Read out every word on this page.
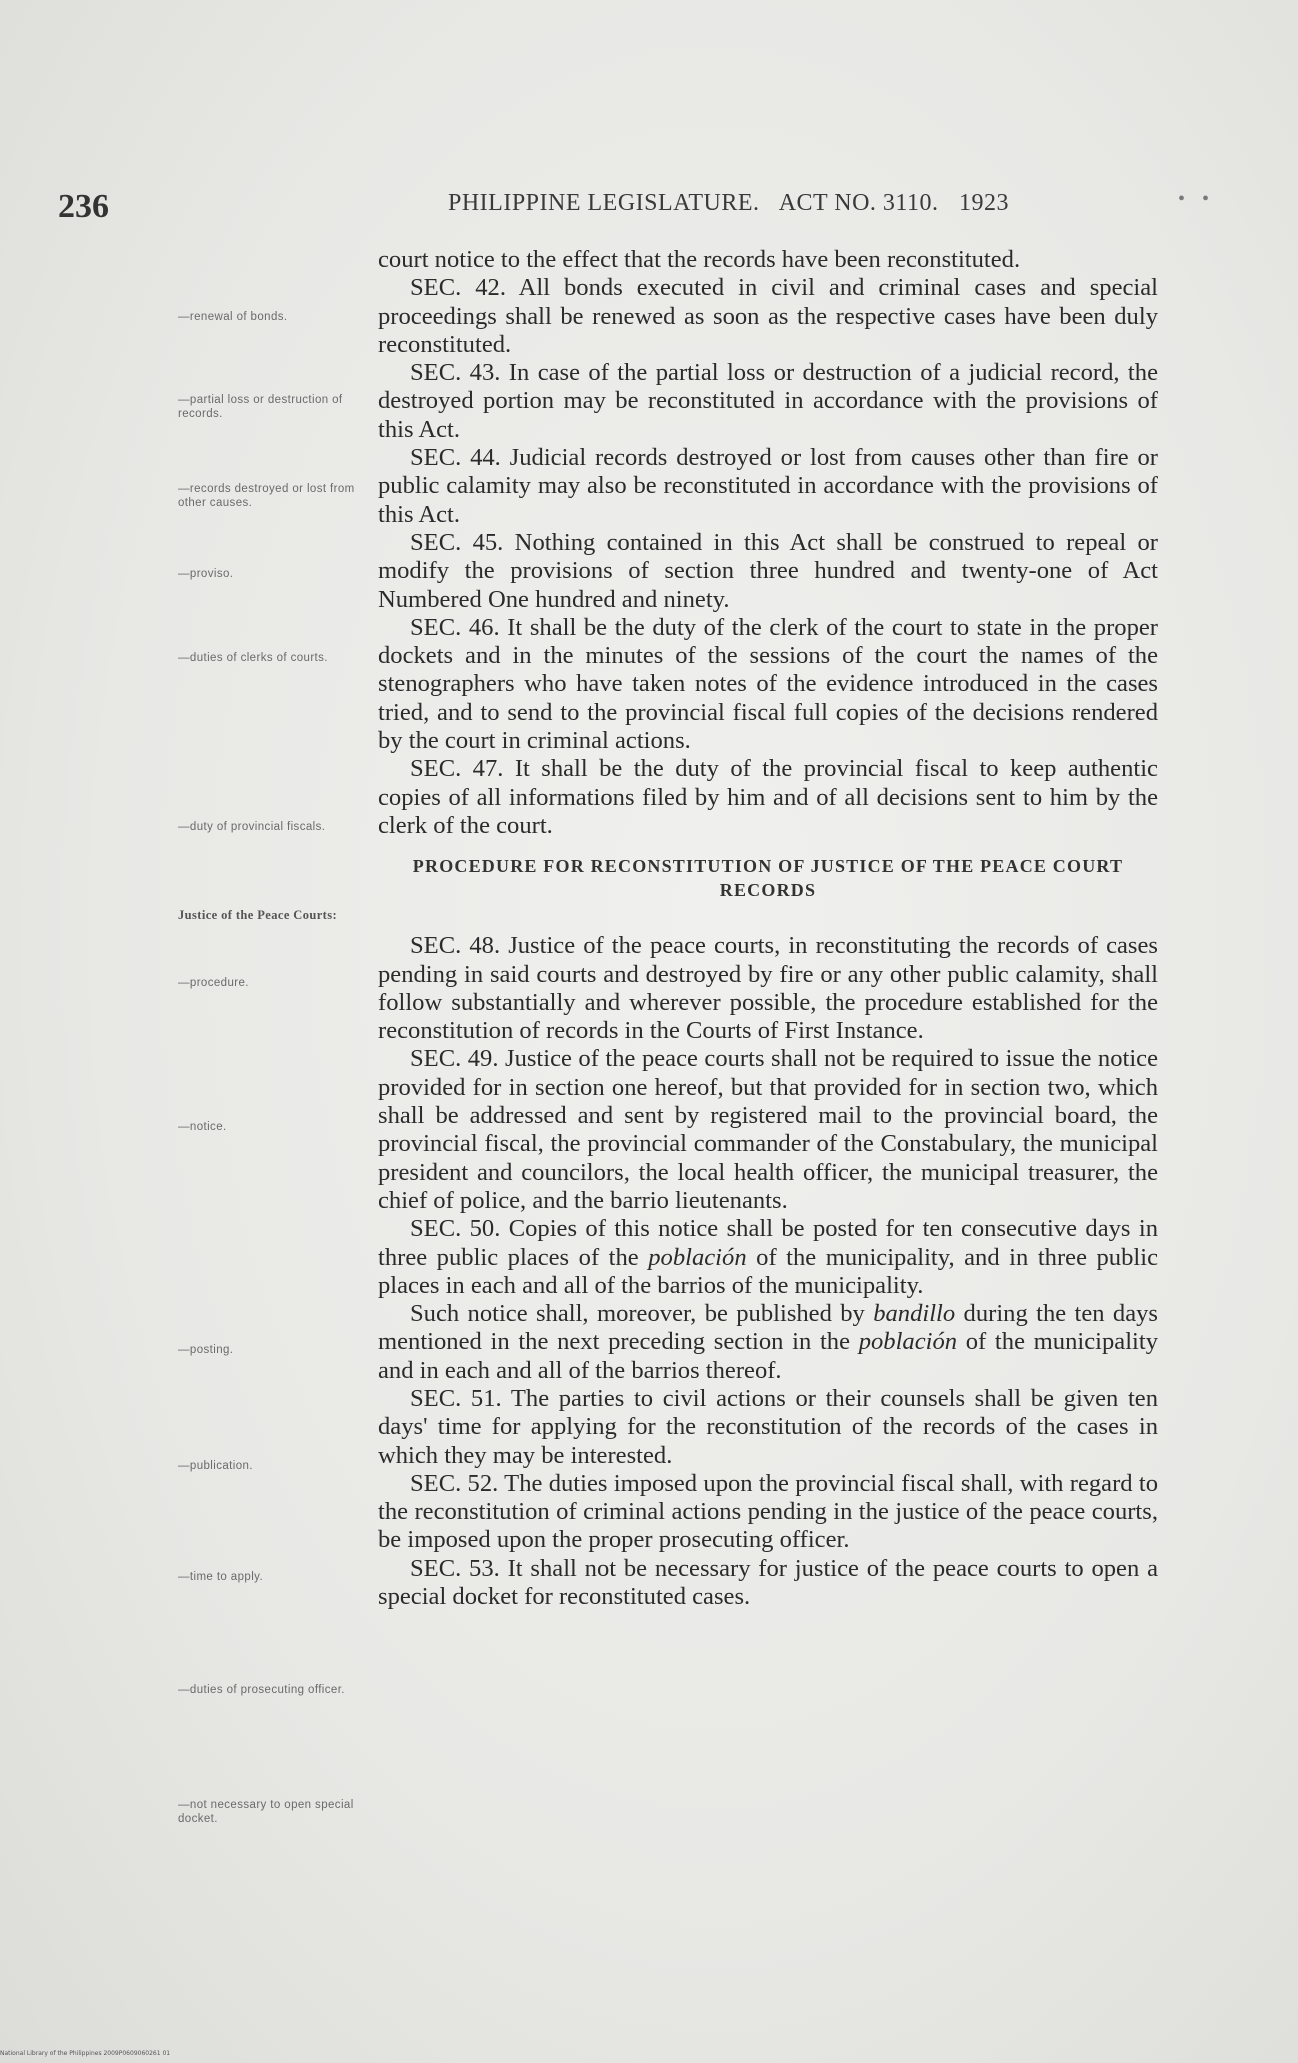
236	PHILIPPINE LEGISLATURE. ACT NO. 3110. 1923	• •
—renewal of bonds.
—partial loss or destruction of records.
—records destroyed or lost from other causes.
—proviso.
—duties of clerks of courts.
—duty of provincial fiscals.
Justice of the Peace Courts:
—procedure.
—notice.
—posting.
—publication.
—time to apply.
—duties of prosecuting officer.
—not necessary to open special docket.

court notice to the effect that the records have been reconstituted.

SEC. 42. All bonds executed in civil and criminal cases and special proceedings shall be renewed as soon as the respective cases have been duly reconstituted.

SEC. 43. In case of the partial loss or destruction of a judicial record, the destroyed portion may be reconstituted in accordance with the provisions of this Act.

SEC. 44. Judicial records destroyed or lost from causes other than fire or public calamity may also be reconstituted in accordance with the provisions of this Act.

SEC. 45. Nothing contained in this Act shall be construed to repeal or modify the provisions of section three hundred and twenty-one of Act Numbered One hundred and ninety.

SEC. 46. It shall be the duty of the clerk of the court to state in the proper dockets and in the minutes of the sessions of the court the names of the stenographers who have taken notes of the evidence introduced in the cases tried, and to send to the provincial fiscal full copies of the decisions rendered by the court in criminal actions.

SEC. 47. It shall be the duty of the provincial fiscal to keep authentic copies of all informations filed by him and of all decisions sent to him by the clerk of the court.

PROCEDURE FOR RECONSTITUTION OF JUSTICE OF THE PEACE COURT RECORDS

SEC. 48. Justice of the peace courts, in reconstituting the records of cases pending in said courts and destroyed by fire or any other public calamity, shall follow substantially and wherever possible, the procedure established for the reconstitution of records in the Courts of First Instance.

SEC. 49. Justice of the peace courts shall not be required to issue the notice provided for in section one hereof, but that provided for in section two, which shall be addressed and sent by registered mail to the provincial board, the provincial fiscal, the provincial commander of the Constabulary, the municipal president and councilors, the local health officer, the municipal treasurer, the chief of police, and the barrio lieutenants.

SEC. 50. Copies of this notice shall be posted for ten consecutive days in three public places of the población of the municipality, and in three public places in each and all of the barrios of the municipality.

Such notice shall, moreover, be published by bandillo during the ten days mentioned in the next preceding section in the población of the municipality and in each and all of the barrios thereof.

SEC. 51. The parties to civil actions or their counsels shall be given ten days' time for applying for the reconstitution of the records of the cases in which they may be interested.

SEC. 52. The duties imposed upon the provincial fiscal shall, with regard to the reconstitution of criminal actions pending in the justice of the peace courts, be imposed upon the proper prosecuting officer.

SEC. 53. It shall not be necessary for justice of the peace courts to open a special docket for reconstituted cases.

National Library of the Philippines 2009P0609060261 01
